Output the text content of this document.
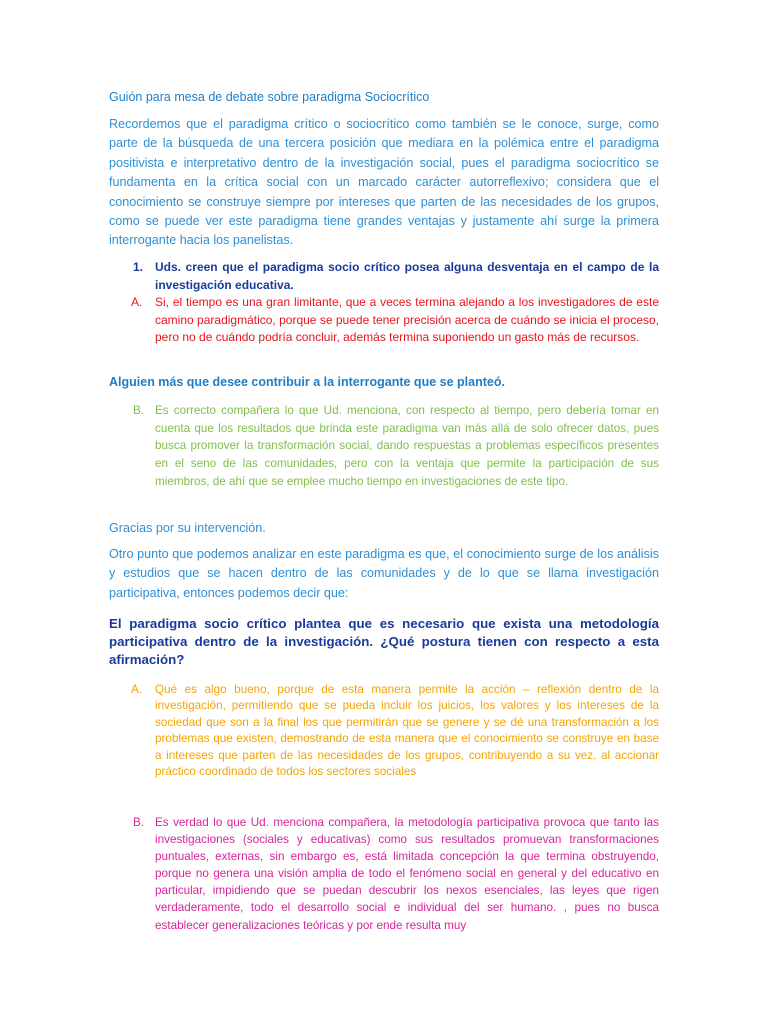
Guión para mesa de debate sobre paradigma Sociocrítico
Recordemos que el paradigma crítico o sociocrítico como también se le conoce, surge, como parte de la búsqueda de una tercera posición que mediara en la polémica entre el paradigma positivista e interpretativo dentro de la investigación social, pues el paradigma sociocrítico se fundamenta en la crítica social con un marcado carácter autorreflexivo; considera que el conocimiento se construye siempre por intereses que parten de las necesidades de los grupos, como se puede ver este paradigma tiene grandes ventajas y justamente ahí surge la primera interrogante hacia los panelistas.
1. Uds. creen que el paradigma socio crítico posea alguna desventaja en el campo de la investigación educativa.
A. Si, el tiempo es una gran limitante, que a veces termina alejando a los investigadores de este camino paradigmático, porque se puede tener precisión acerca de cuándo se inicia el proceso, pero no de cuándo podría concluir, además termina suponiendo un gasto más de recursos.
Alguien más que desee contribuir a la interrogante que se planteó.
B. Es correcto compañera lo que Ud. menciona, con respecto al tiempo, pero debería tomar en cuenta que los resultados que brinda este paradigma van más allá de solo ofrecer datos, pues busca promover la transformación social, dando respuestas a problemas específicos presentes en el seno de las comunidades, pero con la ventaja que permite la participación de sus miembros, de ahí que se emplee mucho tiempo en investigaciones de este tipo.
Gracias por su intervención.
Otro punto que podemos analizar en este paradigma es que, el conocimiento surge de los análisis y estudios que se hacen dentro de las comunidades y de lo que se llama investigación participativa, entonces podemos decir que:
El paradigma socio crítico plantea que es necesario que exista una metodología participativa dentro de la investigación. ¿Qué postura tienen con respecto a esta afirmación?
A. Qué es algo bueno, porque de esta manera permite la acción – reflexión dentro de la investigación, permitiendo que se pueda incluir los juicios, los valores y los intereses de la sociedad que son a la final los que permitirán que se genere y se dé una transformación a los problemas que existen, demostrando de esta manera que el conocimiento se construye en base a intereses que parten de las necesidades de los grupos, contribuyendo a su vez, al accionar práctico coordinado de todos los sectores sociales
B. Es verdad lo que Ud. menciona compañera, la metodología participativa provoca que tanto las investigaciones (sociales y educativas) como sus resultados promuevan transformaciones puntuales, externas, sin embargo es, está limitada concepción la que termina obstruyendo, porque no genera una visión amplia de todo el fenómeno social en general y del educativo en particular, impidiendo que se puedan descubrir los nexos esenciales, las leyes que rigen verdaderamente, todo el desarrollo social e individual del ser humano. , pues no busca establecer generalizaciones teóricas y por ende resulta muy
